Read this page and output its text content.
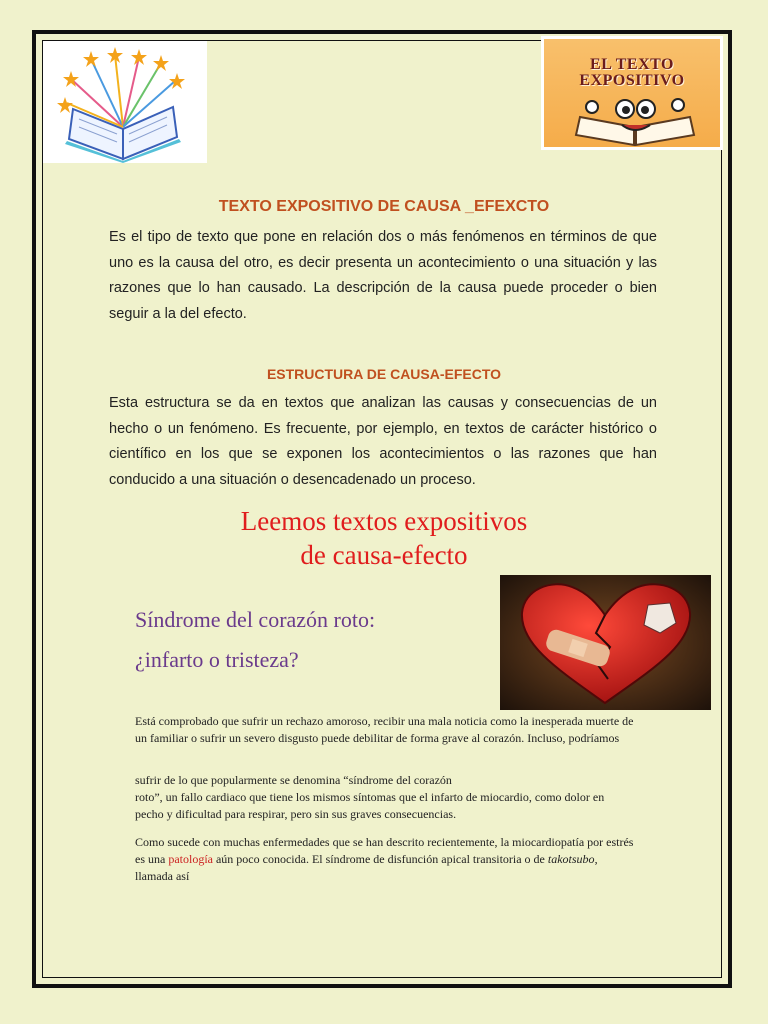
EL TEXTO
EXPOSITIVO
TEXTO EXPOSITIVO DE CAUSA _EFEXCTO

Es el tipo de texto que pone en relación dos o más fenómenos en términos de que uno es la causa del otro, es decir presenta un acontecimiento o una situación y las razones que lo han causado. La descripción de la causa puede proceder o bien seguir a la del efecto.

ESTRUCTURA DE CAUSA-EFECTO

Esta estructura se da en textos que analizan las causas y consecuencias de un hecho o un fenómeno. Es frecuente, por ejemplo, en textos de carácter histórico o científico en los que se exponen los acontecimientos o las razones que han conducido a una situación o desencadenado un proceso.

Leemos textos expositivos
de causa-efecto
Síndrome del corazón roto:
¿infarto o tristeza?

Está comprobado que sufrir un rechazo amoroso, recibir una mala noticia como la inesperada muerte de un familiar o sufrir un severo disgusto puede debilitar de forma grave al corazón. Incluso, podríamos

sufrir de lo que popularmente se denomina “síndrome del corazón
roto”, un fallo cardiaco que tiene los mismos síntomas que el infarto de miocardio, como dolor en pecho y dificultad para respirar, pero sin sus graves consecuencias.

Como sucede con muchas enfermedades que se han descrito recientemente, la miocardiopatía por estrés es una patología aún poco conocida. El síndrome de disfunción apical transitoria o de takotsubo, llamada así
